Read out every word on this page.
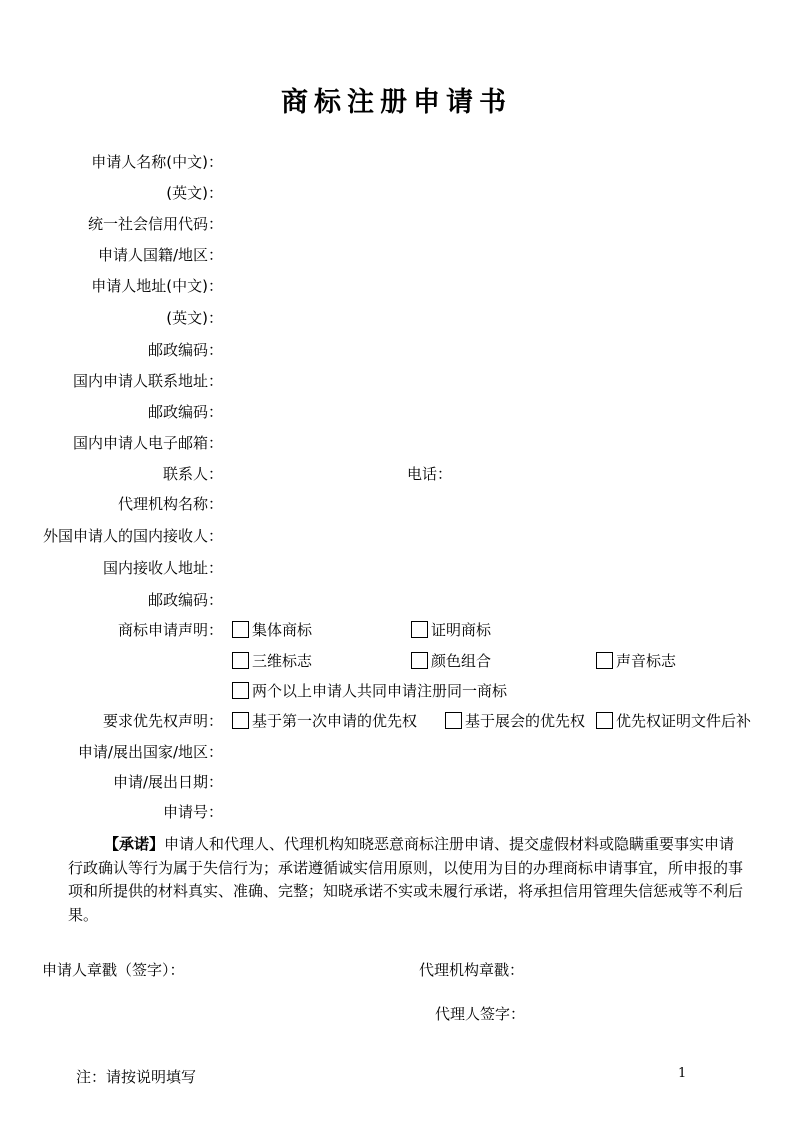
商标注册申请书
申请人名称(中文)：
(英文)：
统一社会信用代码：
申请人国籍/地区：
申请人地址(中文)：
(英文)：
邮政编码：
国内申请人联系地址：
邮政编码：
国内申请人电子邮箱：
联系人：	电话：
代理机构名称：
外国申请人的国内接收人：
国内接收人地址：
邮政编码：
商标申请声明： 集体商标	证明商标
三维标志	颜色组合	声音标志
两个以上申请人共同申请注册同一商标
要求优先权声明： 基于第一次申请的优先权	基于展会的优先权 优先权证明文件后补
申请/展出国家/地区：
申请/展出日期：
申请号：
【承诺】申请人和代理人、代理机构知晓恶意商标注册申请、提交虚假材料或隐瞒重要事实申请行政确认等行为属于失信行为；承诺遵循诚实信用原则，以使用为目的办理商标申请事宜，所申报的事项和所提供的材料真实、准确、完整；知晓承诺不实或未履行承诺，将承担信用管理失信惩戒等不利后果。
申请人章戳（签字）：	代理机构章戳：
代理人签字：
注：请按说明填写	1
